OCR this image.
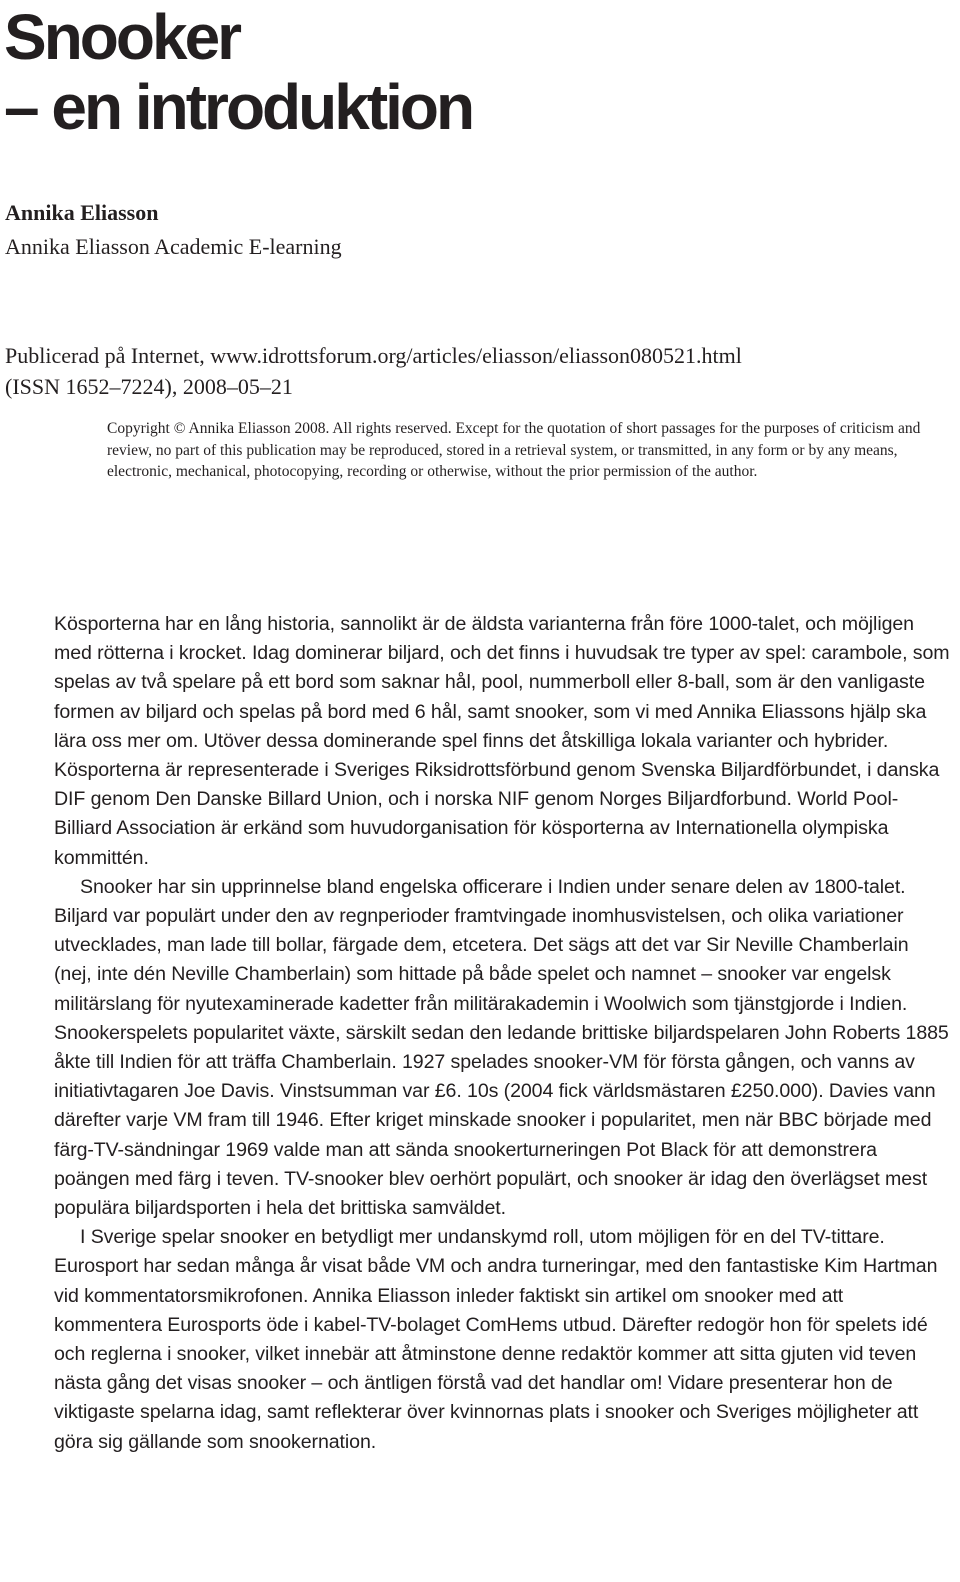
Snooker
– en introduktion
Annika Eliasson
Annika Eliasson Academic E-learning
Publicerad på Internet, www.idrottsforum.org/articles/eliasson/eliasson080521.html
(ISSN 1652–7224), 2008–05–21

Copyright © Annika Eliasson 2008. All rights reserved. Except for the quotation of short passages for the purposes of criticism and review, no part of this publication may be reproduced, stored in a retrieval system, or transmitted, in any form or by any means, electronic, mechanical, photocopying, recording or otherwise, without the prior permission of the author.

Kösporterna har en lång historia, sannolikt är de äldsta varianterna från före 1000-talet, och möjligen med rötterna i krocket. Idag dominerar biljard, och det finns i huvudsak tre typer av spel: carambole, som spelas av två spelare på ett bord som saknar hål, pool, nummerboll eller 8-ball, som är den vanligaste formen av biljard och spelas på bord med 6 hål, samt snooker, som vi med Annika Eliassons hjälp ska lära oss mer om. Utöver dessa dominerande spel finns det åtskilliga lokala varianter och hybrider. Kösporterna är representerade i Sveriges Riksidrottsförbund genom Svenska Biljardförbundet, i danska DIF genom Den Danske Billard Union, och i norska NIF genom Norges Biljardforbund. World Pool-Billiard Association är erkänd som huvudorganisation för kösporterna av Internationella olympiska kommittén.

Snooker har sin upprinnelse bland engelska officerare i Indien under senare delen av 1800-talet. Biljard var populärt under den av regnperioder framtvingade inomhusvistelsen, och olika variationer utvecklades, man lade till bollar, färgade dem, etcetera. Det sägs att det var Sir Neville Chamberlain (nej, inte dén Neville Chamberlain) som hittade på både spelet och namnet – snooker var engelsk militärslang för nyutexaminerade kadetter från militärakademin i Woolwich som tjänstgjorde i Indien. Snookerspelets popularitet växte, särskilt sedan den ledande brittiske biljardspelaren John Roberts 1885 åkte till Indien för att träffa Chamberlain. 1927 spelades snooker-VM för första gången, och vanns av initiativtagaren Joe Davis. Vinstsumman var £6. 10s (2004 fick världsmästaren £250.000). Davies vann därefter varje VM fram till 1946. Efter kriget minskade snooker i popularitet, men när BBC började med färg-TV-sändningar 1969 valde man att sända snookerturneringen Pot Black för att demonstrera poängen med färg i teven. TV-snooker blev oerhört populärt, och snooker är idag den överlägset mest populära biljardsporten i hela det brittiska samväldet.

I Sverige spelar snooker en betydligt mer undanskymd roll, utom möjligen för en del TV-tittare. Eurosport har sedan många år visat både VM och andra turneringar, med den fantastiske Kim Hartman vid kommentatorsmikrofonen. Annika Eliasson inleder faktiskt sin artikel om snooker med att kommentera Eurosports öde i kabel-TV-bolaget ComHems utbud. Därefter redogör hon för spelets idé och reglerna i snooker, vilket innebär att åtminstone denne redaktör kommer att sitta gjuten vid teven nästa gång det visas snooker – och äntligen förstå vad det handlar om! Vidare presenterar hon de viktigaste spelarna idag, samt reflekterar över kvinnornas plats i snooker och Sveriges möjligheter att göra sig gällande som snookernation.
